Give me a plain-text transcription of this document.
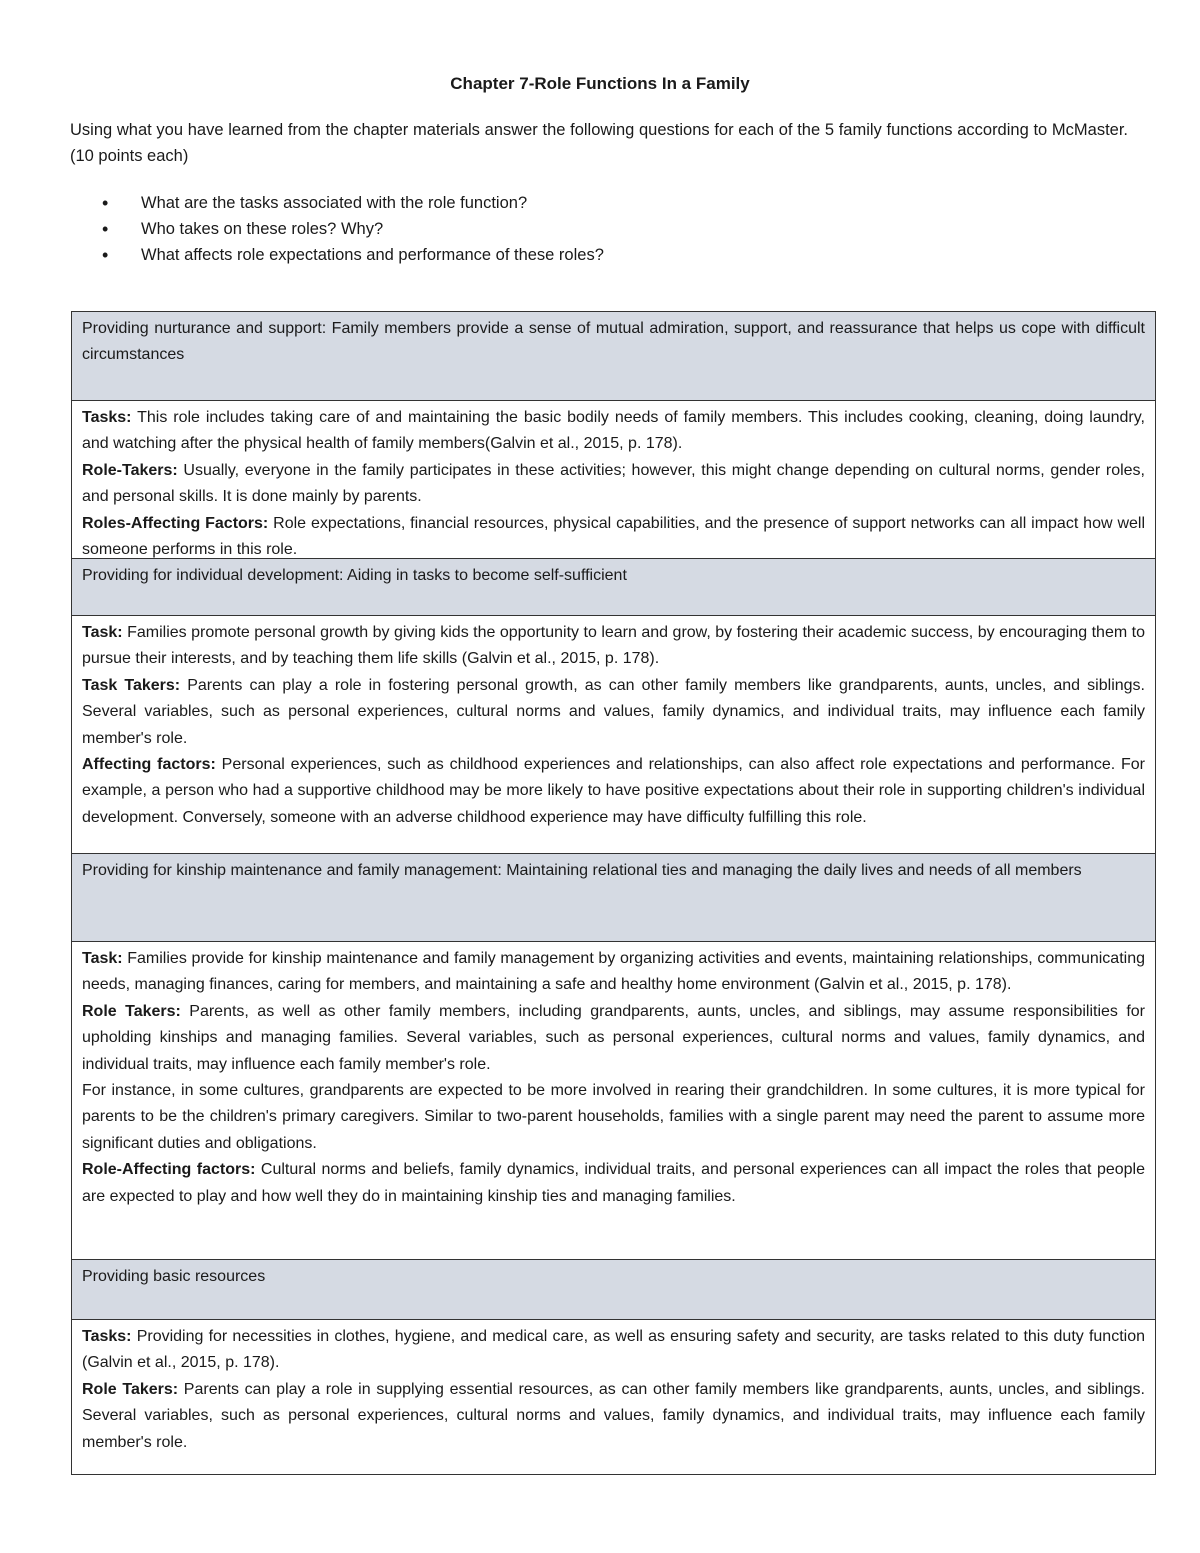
Chapter 7-Role Functions In a Family
Using what you have learned from the chapter materials answer the following questions for each of the 5 family functions according to McMaster. (10 points each)
• What are the tasks associated with the role function?
• Who takes on these roles? Why?
• What affects role expectations and performance of these roles?

Providing nurturance and support: Family members provide a sense of mutual admiration, support, and reassurance that helps us cope with difficult circumstances

Tasks: This role includes taking care of and maintaining the basic bodily needs of family members. This includes cooking, cleaning, doing laundry, and watching after the physical health of family members(Galvin et al., 2015, p. 178).

Role-Takers: Usually, everyone in the family participates in these activities; however, this might change depending on cultural norms, gender roles, and personal skills. It is done mainly by parents.

Roles-Affecting Factors: Role expectations, financial resources, physical capabilities, and the presence of support networks can all impact how well someone performs in this role.

Providing for individual development: Aiding in tasks to become self-sufficient

Task: Families promote personal growth by giving kids the opportunity to learn and grow, by fostering their academic success, by encouraging them to pursue their interests, and by teaching them life skills (Galvin et al., 2015, p. 178).

Task Takers: Parents can play a role in fostering personal growth, as can other family members like grandparents, aunts, uncles, and siblings. Several variables, such as personal experiences, cultural norms and values, family dynamics, and individual traits, may influence each family member's role.

Affecting factors: Personal experiences, such as childhood experiences and relationships, can also affect role expectations and performance. For example, a person who had a supportive childhood may be more likely to have positive expectations about their role in supporting children's individual development. Conversely, someone with an adverse childhood experience may have difficulty fulfilling this role.

Providing for kinship maintenance and family management: Maintaining relational ties and managing the daily lives and needs of all members

Task: Families provide for kinship maintenance and family management by organizing activities and events, maintaining relationships, communicating needs, managing finances, caring for members, and maintaining a safe and healthy home environment (Galvin et al., 2015, p. 178).

Role Takers: Parents, as well as other family members, including grandparents, aunts, uncles, and siblings, may assume responsibilities for upholding kinships and managing families. Several variables, such as personal experiences, cultural norms and values, family dynamics, and individual traits, may influence each family member's role.

For instance, in some cultures, grandparents are expected to be more involved in rearing their grandchildren. In some cultures, it is more typical for parents to be the children's primary caregivers. Similar to two-parent households, families with a single parent may need the parent to assume more significant duties and obligations.

Role-Affecting factors: Cultural norms and beliefs, family dynamics, individual traits, and personal experiences can all impact the roles that people are expected to play and how well they do in maintaining kinship ties and managing families.

Providing basic resources

Tasks: Providing for necessities in clothes, hygiene, and medical care, as well as ensuring safety and security, are tasks related to this duty function (Galvin et al., 2015, p. 178).

Role Takers: Parents can play a role in supplying essential resources, as can other family members like grandparents, aunts, uncles, and siblings. Several variables, such as personal experiences, cultural norms and values, family dynamics, and individual traits, may influence each family member's role.
